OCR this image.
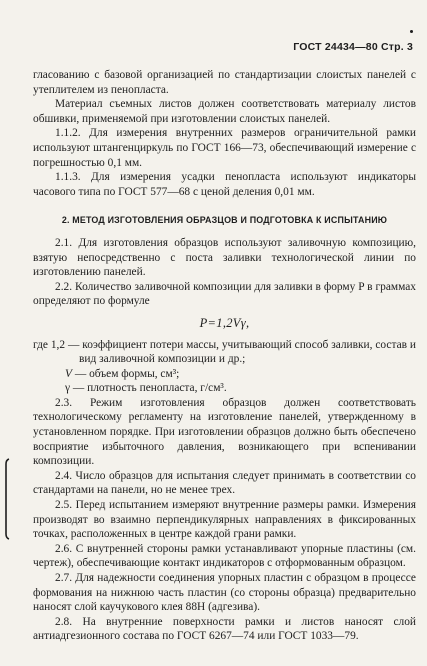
ГОСТ 24434—80 Стр. 3

гласованию с базовой организацией по стандартизации слоистых панелей с утеплителем из пенопласта.

Материал съемных листов должен соответствовать материалу листов обшивки, применяемой при изготовлении слоистых панелей.

1.1.2. Для измерения внутренних размеров ограничительной рамки используют штангенциркуль по ГОСТ 166—73, обеспечивающий измерение с погрешностью 0,1 мм.

1.1.3. Для измерения усадки пенопласта используют индикаторы часового типа по ГОСТ 577—68 с ценой деления 0,01 мм.

2. МЕТОД ИЗГОТОВЛЕНИЯ ОБРАЗЦОВ И ПОДГОТОВКА К ИСПЫТАНИЮ

2.1. Для изготовления образцов используют заливочную композицию, взятую непосредственно с поста заливки технологической линии по изготовлению панелей.

2.2. Количество заливочной композиции для заливки в форму P в граммах определяют по формуле

P=1,2Vγ,

где 1,2 — коэффициент потери массы, учитывающий способ заливки, состав и вид заливочной композиции и др.;

V — объем формы, см³;

γ — плотность пенопласта, г/см³.

2.3. Режим изготовления образцов должен соответствовать технологическому регламенту на изготовление панелей, утвержденному в установленном порядке. При изготовлении образцов должно быть обеспечено восприятие избыточного давления, возникающего при вспенивании композиции.

2.4. Число образцов для испытания следует принимать в соответствии со стандартами на панели, но не менее трех.

2.5. Перед испытанием измеряют внутренние размеры рамки. Измерения производят во взаимно перпендикулярных направлениях в фиксированных точках, расположенных в центре каждой грани рамки.

2.6. С внутренней стороны рамки устанавливают упорные пластины (см. чертеж), обеспечивающие контакт индикаторов с отформованным образцом.

2.7. Для надежности соединения упорных пластин с образцом в процессе формования на нижнюю часть пластин (со стороны образца) предварительно наносят слой каучукового клея 88Н (адгезива).

2.8. На внутренние поверхности рамки и листов наносят слой антиадгезионного состава по ГОСТ 6267—74 или ГОСТ 1033—79.
